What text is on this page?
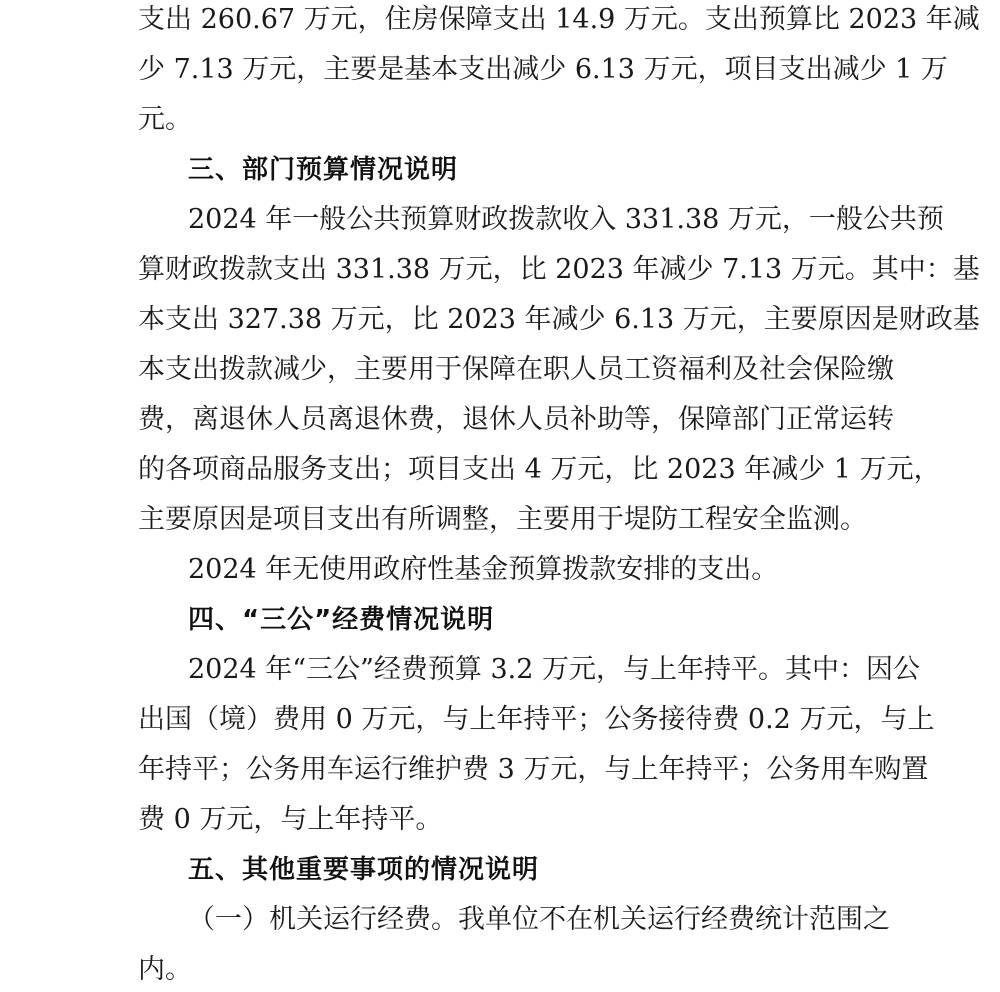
支出 260.67 万元，住房保障支出 14.9 万元。支出预算比 2023 年减
少 7.13 万元，主要是基本支出减少 6.13 万元，项目支出减少 1 万
元。
三、部门预算情况说明
2024 年一般公共预算财政拨款收入 331.38 万元，一般公共预
算财政拨款支出 331.38 万元，比 2023 年减少 7.13 万元。其中：基
本支出 327.38 万元，比 2023 年减少 6.13 万元，主要原因是财政基
本支出拨款减少，主要用于保障在职人员工资福利及社会保险缴
费，离退休人员离退休费，退休人员补助等，保障部门正常运转
的各项商品服务支出；项目支出 4 万元，比 2023 年减少 1 万元，
主要原因是项目支出有所调整，主要用于堤防工程安全监测。
2024 年无使用政府性基金预算拨款安排的支出。
四、“三公”经费情况说明
2024 年“三公”经费预算 3.2 万元，与上年持平。其中：因公
出国（境）费用 0 万元，与上年持平；公务接待费 0.2 万元，与上
年持平；公务用车运行维护费 3 万元，与上年持平；公务用车购置
费 0 万元，与上年持平。
五、其他重要事项的情况说明
（一）机关运行经费。我单位不在机关运行经费统计范围之
内。
